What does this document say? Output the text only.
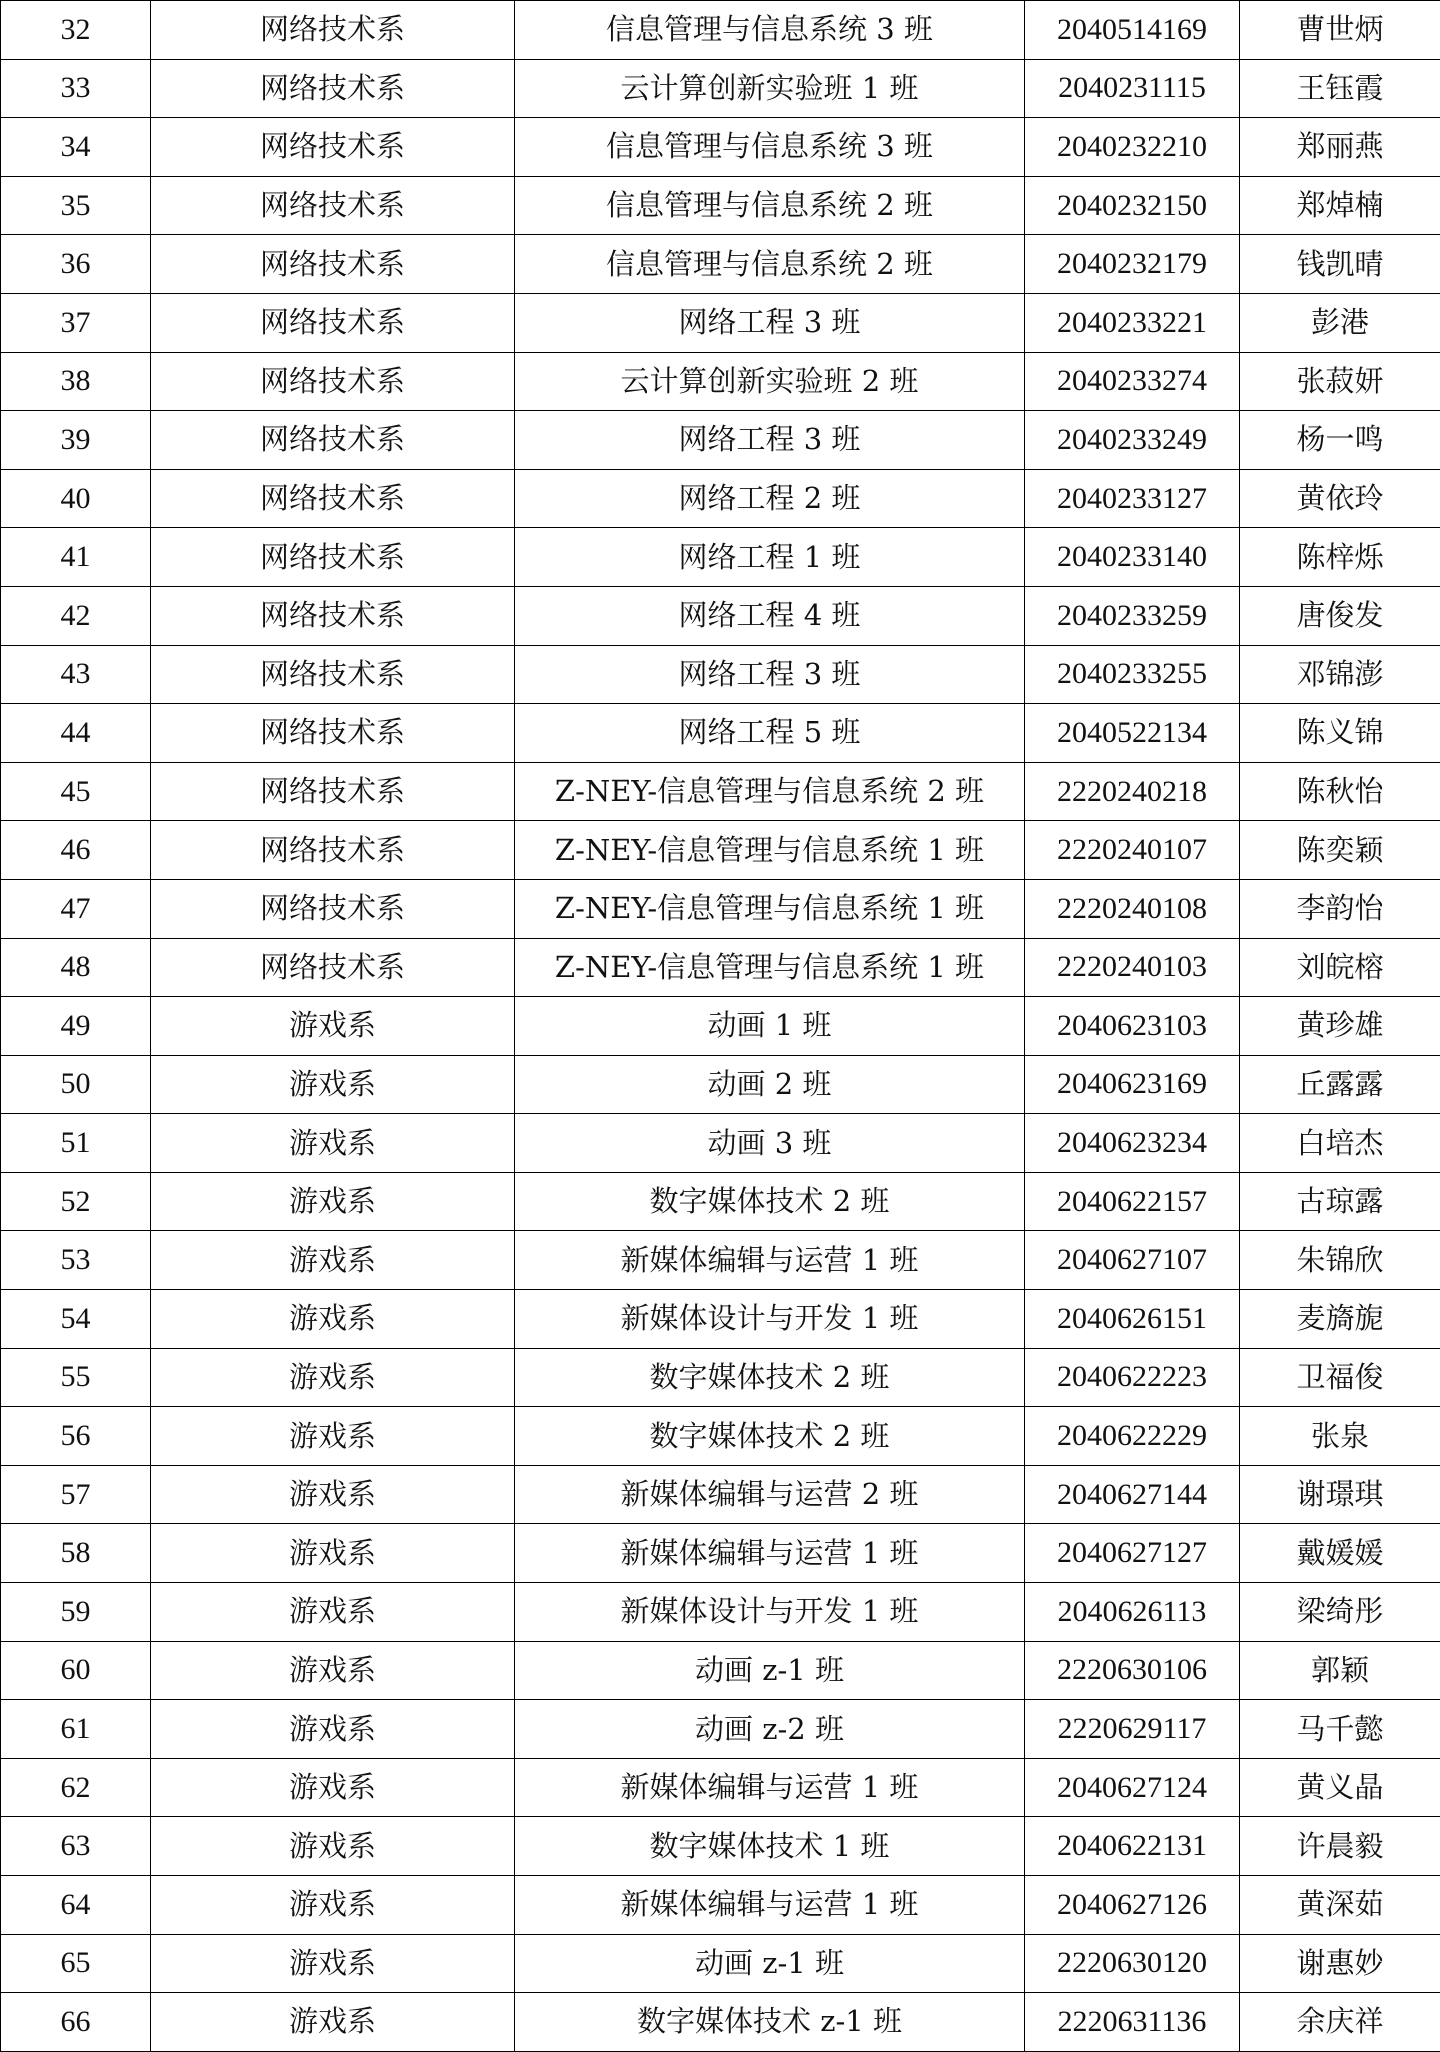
32	网络技术系	信息管理与信息系统 3 班	2040514169	曹世炳
33	网络技术系	云计算创新实验班 1 班	2040231115	王钰霞
34	网络技术系	信息管理与信息系统 3 班	2040232210	郑丽燕
35	网络技术系	信息管理与信息系统 2 班	2040232150	郑焯楠
36	网络技术系	信息管理与信息系统 2 班	2040232179	钱凯晴
37	网络技术系	网络工程 3 班	2040233221	彭港
38	网络技术系	云计算创新实验班 2 班	2040233274	张菽妍
39	网络技术系	网络工程 3 班	2040233249	杨一鸣
40	网络技术系	网络工程 2 班	2040233127	黄依玲
41	网络技术系	网络工程 1 班	2040233140	陈梓烁
42	网络技术系	网络工程 4 班	2040233259	唐俊发
43	网络技术系	网络工程 3 班	2040233255	邓锦澎
44	网络技术系	网络工程 5 班	2040522134	陈义锦
45	网络技术系	Z-NEY-信息管理与信息系统 2 班	2220240218	陈秋怡
46	网络技术系	Z-NEY-信息管理与信息系统 1 班	2220240107	陈奕颖
47	网络技术系	Z-NEY-信息管理与信息系统 1 班	2220240108	李韵怡
48	网络技术系	Z-NEY-信息管理与信息系统 1 班	2220240103	刘皖榕
49	游戏系	动画 1 班	2040623103	黄珍雄
50	游戏系	动画 2 班	2040623169	丘露露
51	游戏系	动画 3 班	2040623234	白培杰
52	游戏系	数字媒体技术 2 班	2040622157	古琼露
53	游戏系	新媒体编辑与运营 1 班	2040627107	朱锦欣
54	游戏系	新媒体设计与开发 1 班	2040626151	麦旖旎
55	游戏系	数字媒体技术 2 班	2040622223	卫福俊
56	游戏系	数字媒体技术 2 班	2040622229	张泉
57	游戏系	新媒体编辑与运营 2 班	2040627144	谢璟琪
58	游戏系	新媒体编辑与运营 1 班	2040627127	戴媛媛
59	游戏系	新媒体设计与开发 1 班	2040626113	梁绮彤
60	游戏系	动画 z-1 班	2220630106	郭颖
61	游戏系	动画 z-2 班	2220629117	马千懿
62	游戏系	新媒体编辑与运营 1 班	2040627124	黄义晶
63	游戏系	数字媒体技术 1 班	2040622131	许晨毅
64	游戏系	新媒体编辑与运营 1 班	2040627126	黄深茹
65	游戏系	动画 z-1 班	2220630120	谢惠妙
66	游戏系	数字媒体技术 z-1 班	2220631136	余庆祥
